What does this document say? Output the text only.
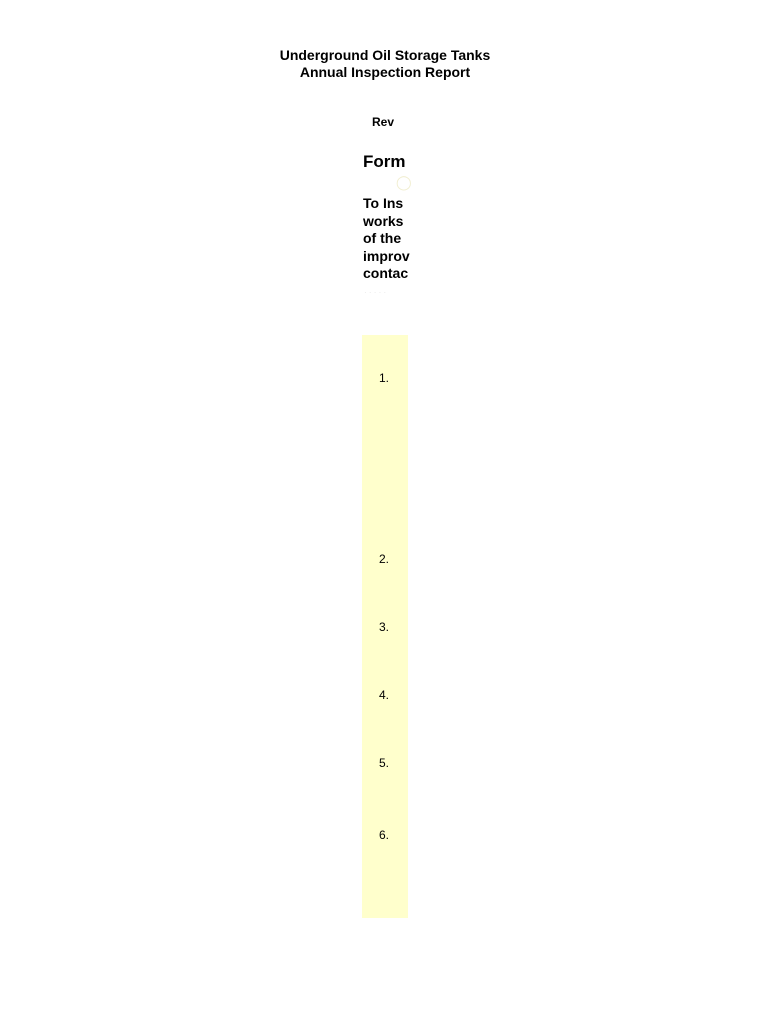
Underground Oil Storage Tanks
Annual Inspection Report
Rev
Form
◯
To Ins
works
of the
improv
contac
· · · · ·
1.
2.
3.
4.
5.
6.
